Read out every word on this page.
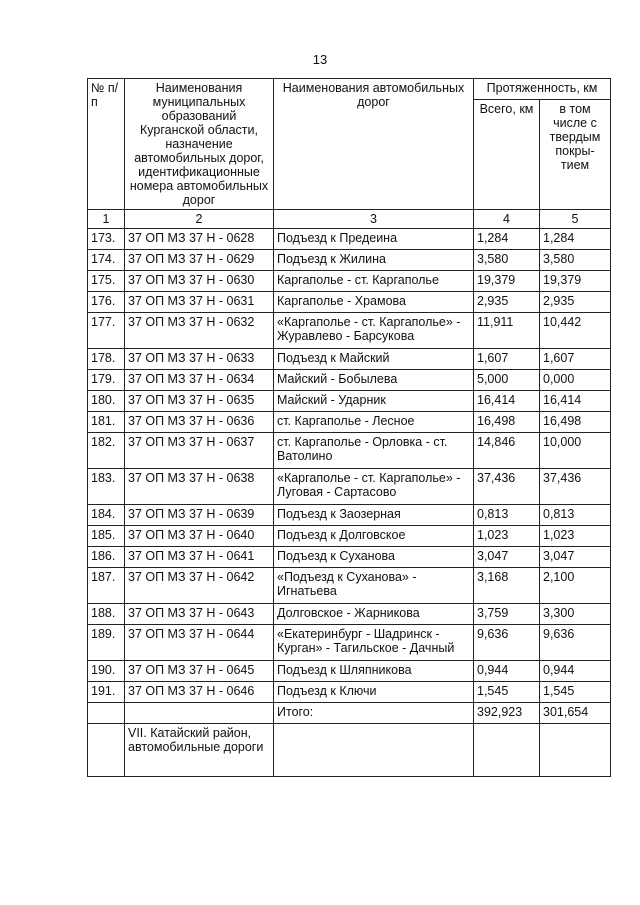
13
№ п/п	Наименования муниципальных образований Курганской области, назначение автомобильных дорог, идентификационные номера автомобильных дорог	Наименования автомобильных дорог	Протяженность, км	
			Всего, км	в том числе с твердым покры-тием
1	2	3	4	5
173.	37 ОП МЗ 37 Н - 0628	Подъезд к Предеина	1,284	1,284
174.	37 ОП МЗ 37 Н - 0629	Подъезд к Жилина	3,580	3,580
175.	37 ОП МЗ 37 Н - 0630	Каргаполье - ст. Каргаполье	19,379	19,379
176.	37 ОП МЗ 37 Н - 0631	Каргаполье - Храмова	2,935	2,935
177.	37 ОП МЗ 37 Н - 0632	«Каргаполье - ст. Каргаполье» - Журавлево - Барсукова	11,911	10,442
178.	37 ОП МЗ 37 Н - 0633	Подъезд к Майский	1,607	1,607
179.	37 ОП МЗ 37 Н - 0634	Майский - Бобылева	5,000	0,000
180.	37 ОП МЗ 37 Н - 0635	Майский - Ударник	16,414	16,414
181.	37 ОП МЗ 37 Н - 0636	ст. Каргаполье - Лесное	16,498	16,498
182.	37 ОП МЗ 37 Н - 0637	ст. Каргаполье - Орловка - ст. Ватолино	14,846	10,000
183.	37 ОП МЗ 37 Н - 0638	«Каргаполье - ст. Каргаполье» - Луговая - Сартасово	37,436	37,436
184.	37 ОП МЗ 37 Н - 0639	Подъезд к Заозерная	0,813	0,813
185.	37 ОП МЗ 37 Н - 0640	Подъезд к Долговское	1,023	1,023
186.	37 ОП МЗ 37 Н - 0641	Подъезд к Суханова	3,047	3,047
187.	37 ОП МЗ 37 Н - 0642	«Подъезд к Суханова» - Игнатьева	3,168	2,100
188.	37 ОП МЗ 37 Н - 0643	Долговское - Жарникова	3,759	3,300
189.	37 ОП МЗ 37 Н - 0644	«Екатеринбург - Шадринск - Курган» - Тагильское - Дачный	9,636	9,636
190.	37 ОП МЗ 37 Н - 0645	Подъезд к Шляпникова	0,944	0,944
191.	37 ОП МЗ 37 Н - 0646	Подъезд к Ключи	1,545	1,545
		Итого:	392,923	301,654
	VII. Катайский район, автомобильные дороги			
